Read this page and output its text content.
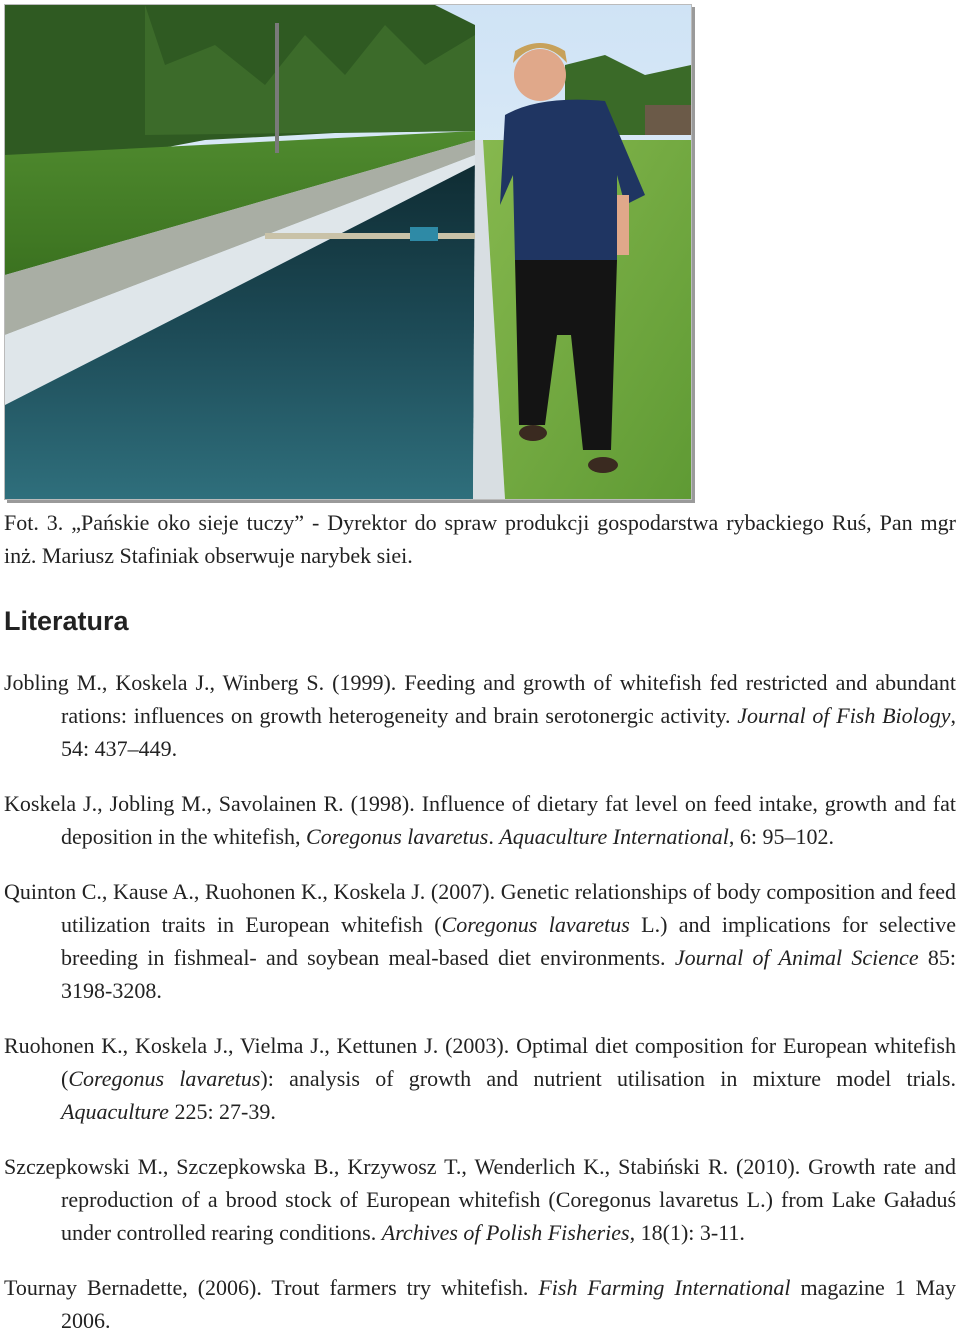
Fot. 3. „Pańskie oko sieje tuczy” - Dyrektor do spraw produkcji gospodarstwa rybackiego Ruś, Pan mgr inż. Mariusz Stafiniak obserwuje narybek siei.
Literatura

Jobling M., Koskela J., Winberg S. (1999). Feeding and growth of whitefish fed restricted and abundant rations: influences on growth heterogeneity and brain serotonergic activity. Journal of Fish Biology, 54: 437–449.

Koskela J., Jobling M., Savolainen R. (1998). Influence of dietary fat level on feed intake, growth and fat deposition in the whitefish, Coregonus lavaretus. Aquaculture International, 6: 95–102.

Quinton C., Kause A., Ruohonen K., Koskela J. (2007). Genetic relationships of body composition and feed utilization traits in European whitefish (Coregonus lavaretus L.) and implications for selective breeding in fishmeal- and soybean meal-based diet environments. Journal of Animal Science 85: 3198-3208.

Ruohonen K., Koskela J., Vielma J., Kettunen J. (2003). Optimal diet composition for European whitefish (Coregonus lavaretus): analysis of growth and nutrient utilisation in mixture model trials. Aquaculture 225: 27-39.

Szczepkowski M., Szczepkowska B., Krzywosz T., Wenderlich K., Stabiński R. (2010). Growth rate and reproduction of a brood stock of European whitefish (Coregonus lavaretus L.) from Lake Gaładuś under controlled rearing conditions. Archives of Polish Fisheries, 18(1): 3-11.

Tournay Bernadette, (2006). Trout farmers try whitefish. Fish Farming International magazine 1 May 2006.
